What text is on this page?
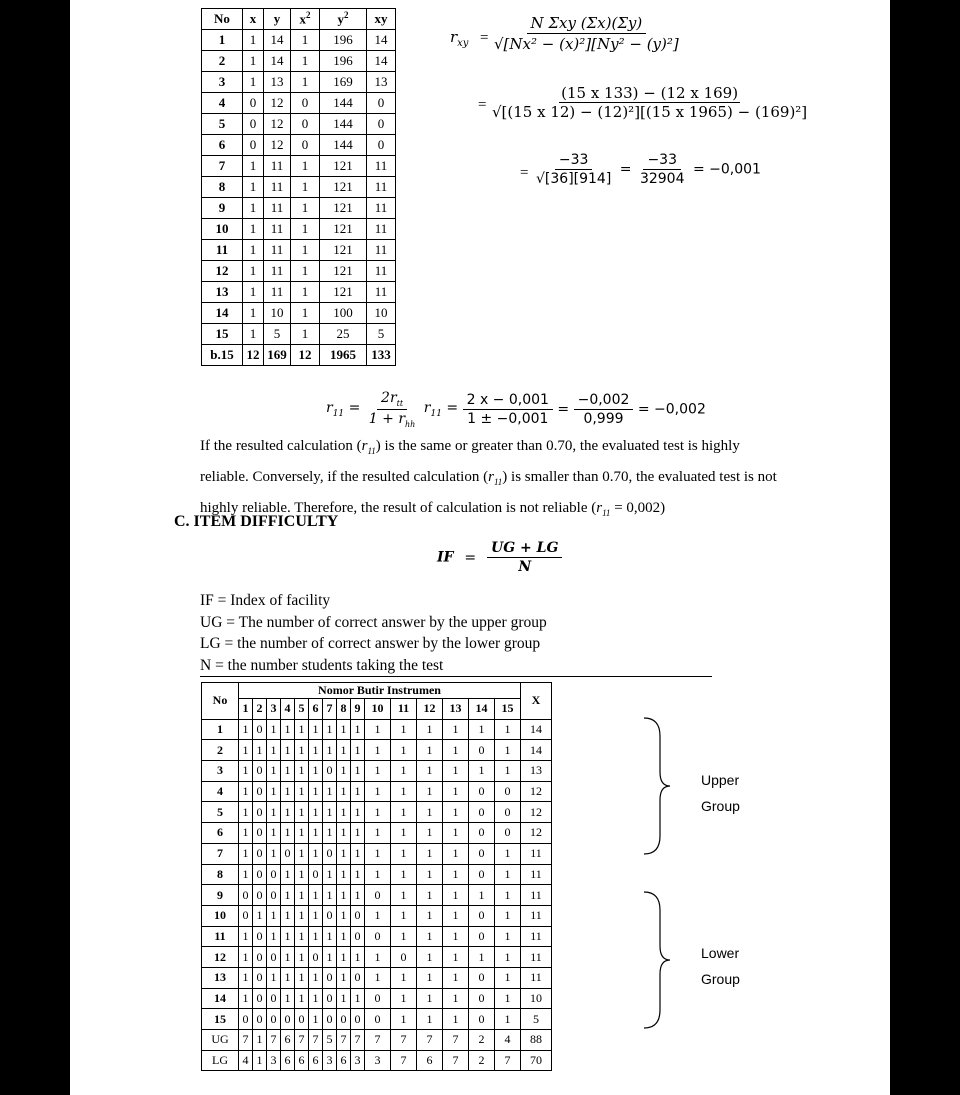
No	x	y	$x^2$	$y^2$	xy
1	1	14	1	196	14
2	1	14	1	196	14
3	1	13	1	169	13
4	0	12	0	144	0
5	0	12	0	144	0
6	0	12	0	144	0
7	1	11	1	121	11
8	1	11	1	121	11
9	1	11	1	121	11
10	1	11	1	121	11
11	1	11	1	121	11
12	1	11	1	121	11
13	1	11	1	121	11
14	1	10	1	100	10
15	1	5	1	25	5
b.15	12	169	12	1965	133
$r_{xy} = \frac{\text{N Σxy (Σx)(Σy)}}{\text{√[Nx² − (x)²][Ny² − (y)²]}}$
= $\frac{(15 x 133) - (12 x 169)}{\text{√[(15 x 12) − (12)²][(15 x 1965) − (169)²]}}$
= $\frac{-33}{√[36][914]} = \frac{-33}{32904} = -0,001$
$r_{11} = \frac{2r_{tt}}{1 + r_{hh}} r_{11} = \frac{2 x - 0,001}{1 \pm -0,001} = \frac{-0,002}{0,999} = -0,002$
If the resulted calculation $(r_{11})$ is the same or greater than 0.70, the evaluated test is highly
reliable. Conversely, if the resulted calculation $(r_{11})$ is smaller than 0.70, the evaluated test is not
highly reliable. Therefore, the result of calculation is not reliable $(r_{11} = 0,002)$
C. ITEM DIFFICULTY
IF = $\frac{UG + LG}{N}$
IF = Index of facility
UG = The number of correct answer by the upper group
LG = the number of correct answer by the lower group
N = the number students taking the test
No	Nomor Butir Instrumen															X
	1	2	3	4	5	6	7	8	9	10	11	12	13	14	15	
1	1	0	1	1	1	1	1	1	1	1	1	1	1	1	1	14
2	1	1	1	1	1	1	1	1	1	1	1	1	1	0	1	14
3	1	0	1	1	1	1	0	1	1	1	1	1	1	1	1	13
4	1	0	1	1	1	1	1	1	1	1	1	1	1	0	0	12
5	1	0	1	1	1	1	1	1	1	1	1	1	1	0	0	12
6	1	0	1	1	1	1	1	1	1	1	1	1	1	0	0	12
7	1	0	1	0	1	1	0	1	1	1	1	1	1	0	1	11
8	1	0	0	1	1	0	1	1	1	1	1	1	1	0	1	11
9	0	0	0	1	1	1	1	1	1	0	1	1	1	1	1	11
10	0	1	1	1	1	1	0	1	0	1	1	1	1	0	1	11
11	1	0	1	1	1	1	1	1	0	0	1	1	1	0	1	11
12	1	0	0	1	1	0	1	1	1	1	0	1	1	1	1	11
13	1	0	1	1	1	1	0	1	0	1	1	1	1	0	1	11
14	1	0	0	1	1	1	0	1	1	0	1	1	1	0	1	10
15	0	0	0	0	0	1	0	0	0	0	1	1	1	0	1	5
UG	7	1	7	6	7	7	5	7	7	7	7	7	7	2	4	88
LG	4	1	3	6	6	6	3	6	3	3	7	6	7	2	7	70
Upper
Group
Lower
Group
